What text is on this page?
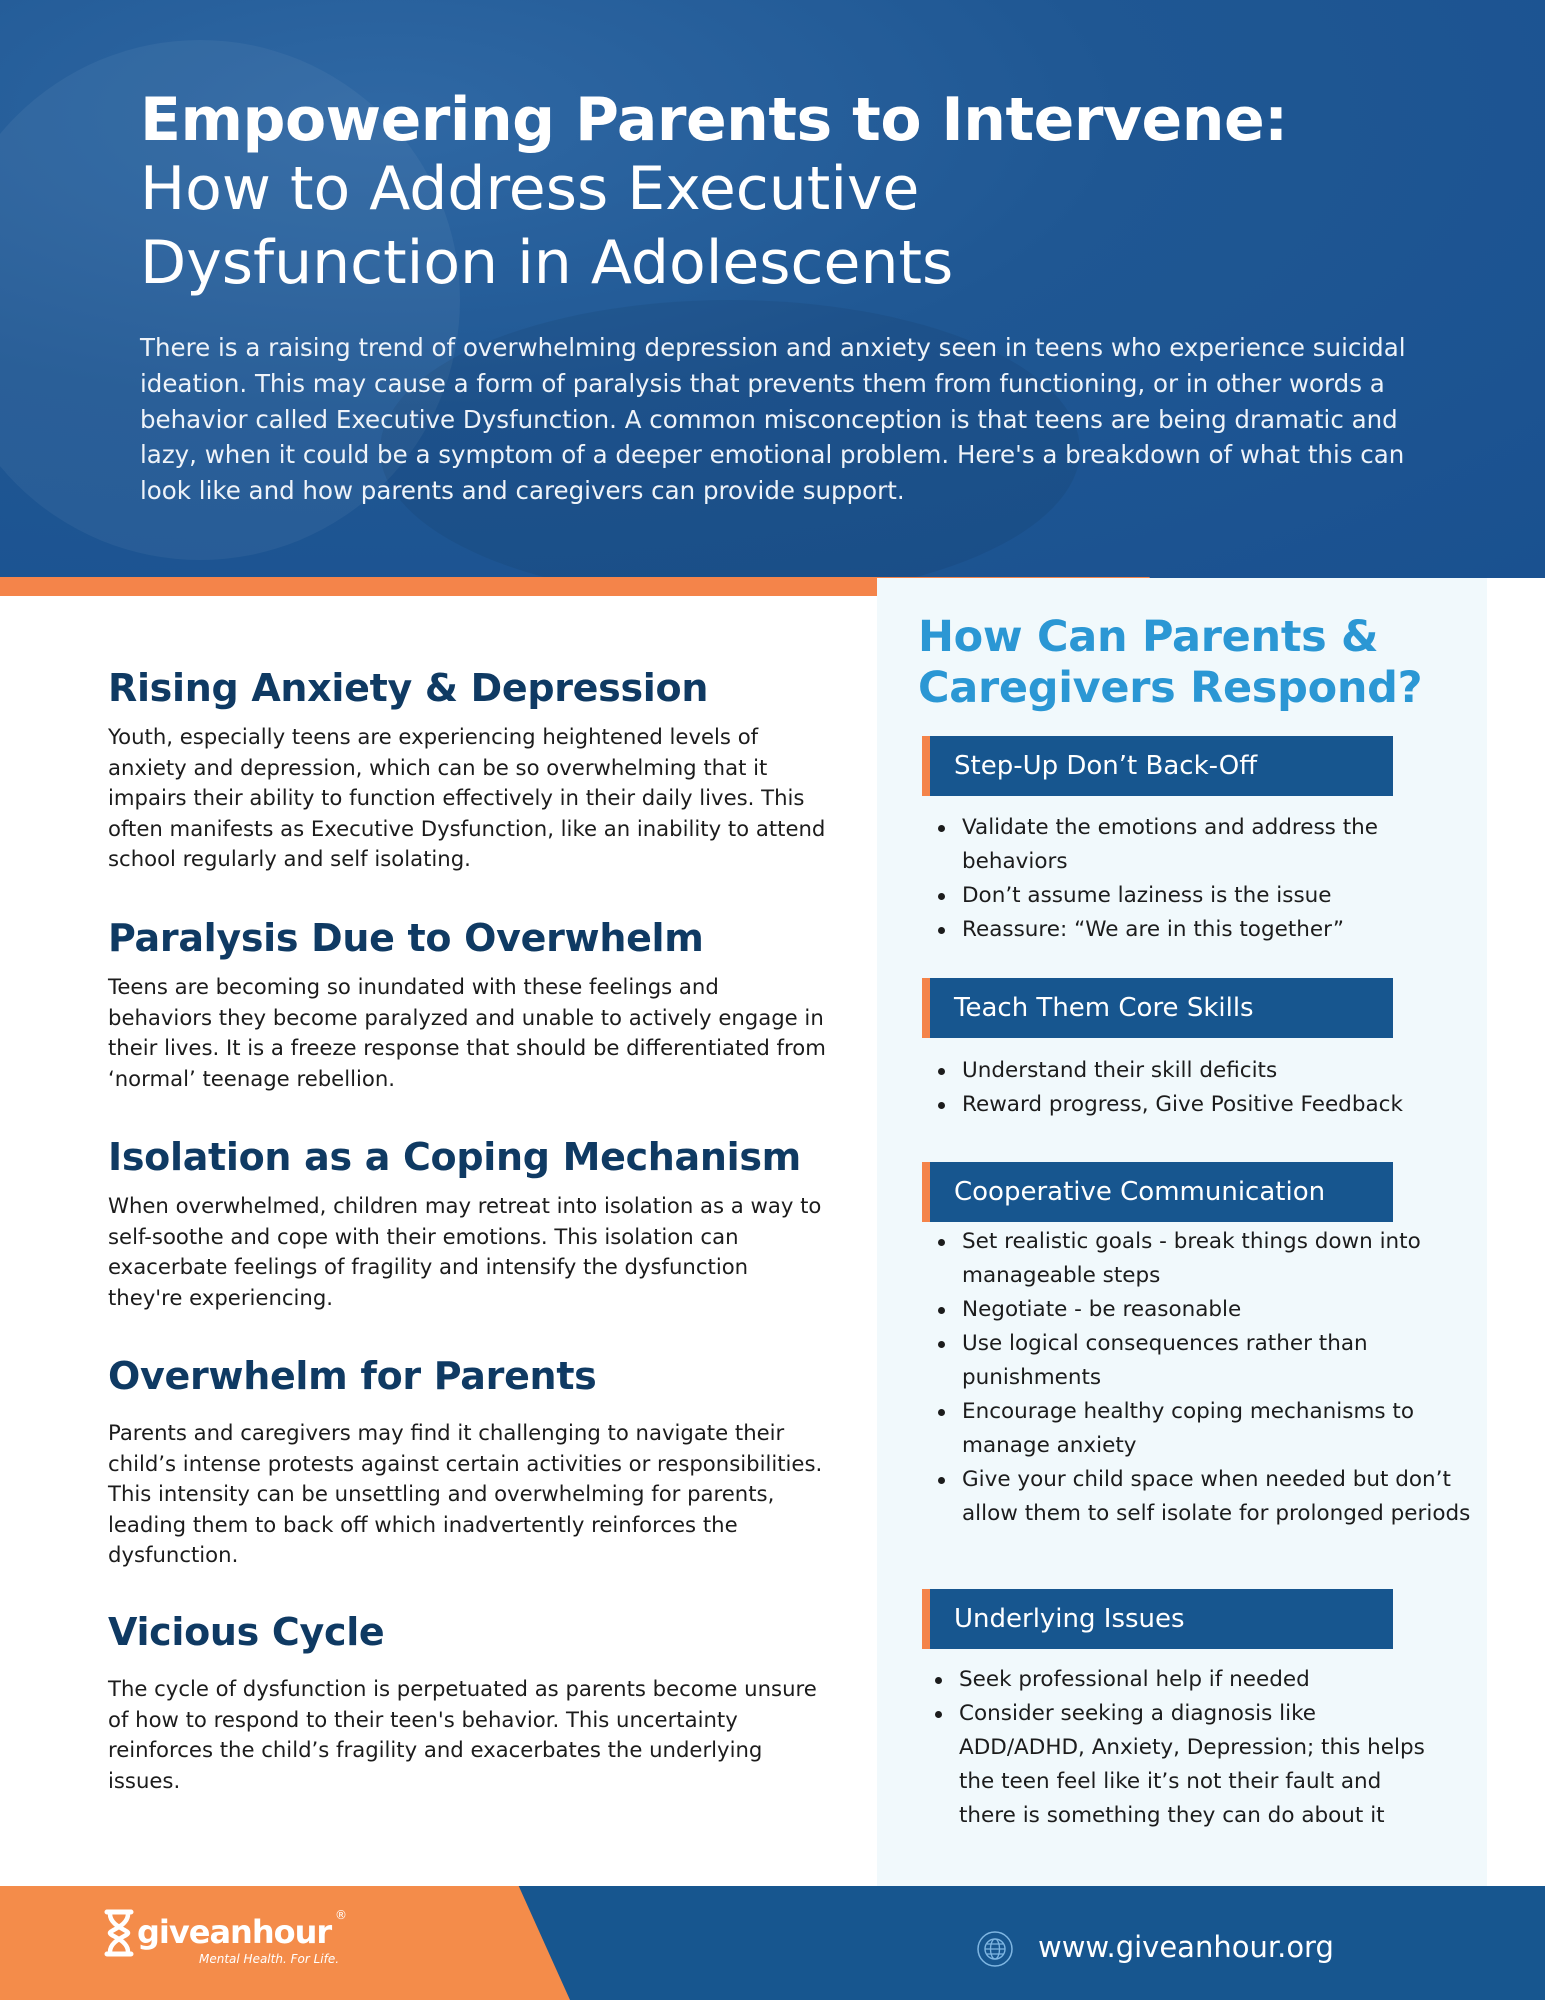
Empowering Parents to Intervene:
How to Address Executive Dysfunction in Adolescents

There is a raising trend of overwhelming depression and anxiety seen in teens who experience suicidal ideation. This may cause a form of paralysis that prevents them from functioning, or in other words a behavior called Executive Dysfunction. A common misconception is that teens are being dramatic and lazy, when it could be a symptom of a deeper emotional problem. Here's a breakdown of what this can look like and how parents and caregivers can provide support.

Rising Anxiety & Depression

Youth, especially teens are experiencing heightened levels of anxiety and depression, which can be so overwhelming that it impairs their ability to function effectively in their daily lives. This often manifests as Executive Dysfunction, like an inability to attend school regularly and self isolating.

Paralysis Due to Overwhelm

Teens are becoming so inundated with these feelings and behaviors they become paralyzed and unable to actively engage in their lives. It is a freeze response that should be differentiated from ‘normal’ teenage rebellion.

Isolation as a Coping Mechanism

When overwhelmed, children may retreat into isolation as a way to self-soothe and cope with their emotions. This isolation can exacerbate feelings of fragility and intensify the dysfunction they're experiencing.

Overwhelm for Parents

Parents and caregivers may find it challenging to navigate their child’s intense protests against certain activities or responsibilities. This intensity can be unsettling and overwhelming for parents, leading them to back off which inadvertently reinforces the dysfunction.

Vicious Cycle

The cycle of dysfunction is perpetuated as parents become unsure of how to respond to their teen's behavior. This uncertainty reinforces the child’s fragility and exacerbates the underlying issues.

How Can Parents & Caregivers Respond?
Step-Up Don’t Back-Off
Validate the emotions and address the behaviors
Don’t assume laziness is the issue
Reassure: “We are in this together”
Teach Them Core Skills
Understand their skill deficits
Reward progress, Give Positive Feedback
Cooperative Communication
Set realistic goals - break things down into manageable steps
Negotiate - be reasonable
Use logical consequences rather than punishments
Encourage healthy coping mechanisms to manage anxiety
Give your child space when needed but don’t allow them to self isolate for prolonged periods
Underlying Issues
Seek professional help if needed
Consider seeking a diagnosis like ADD/ADHD, Anxiety, Depression; this helps the teen feel like it’s not their fault and there is something they can do about it
giveanhour ®
Mental Health. For Life.	www.giveanhour.org
